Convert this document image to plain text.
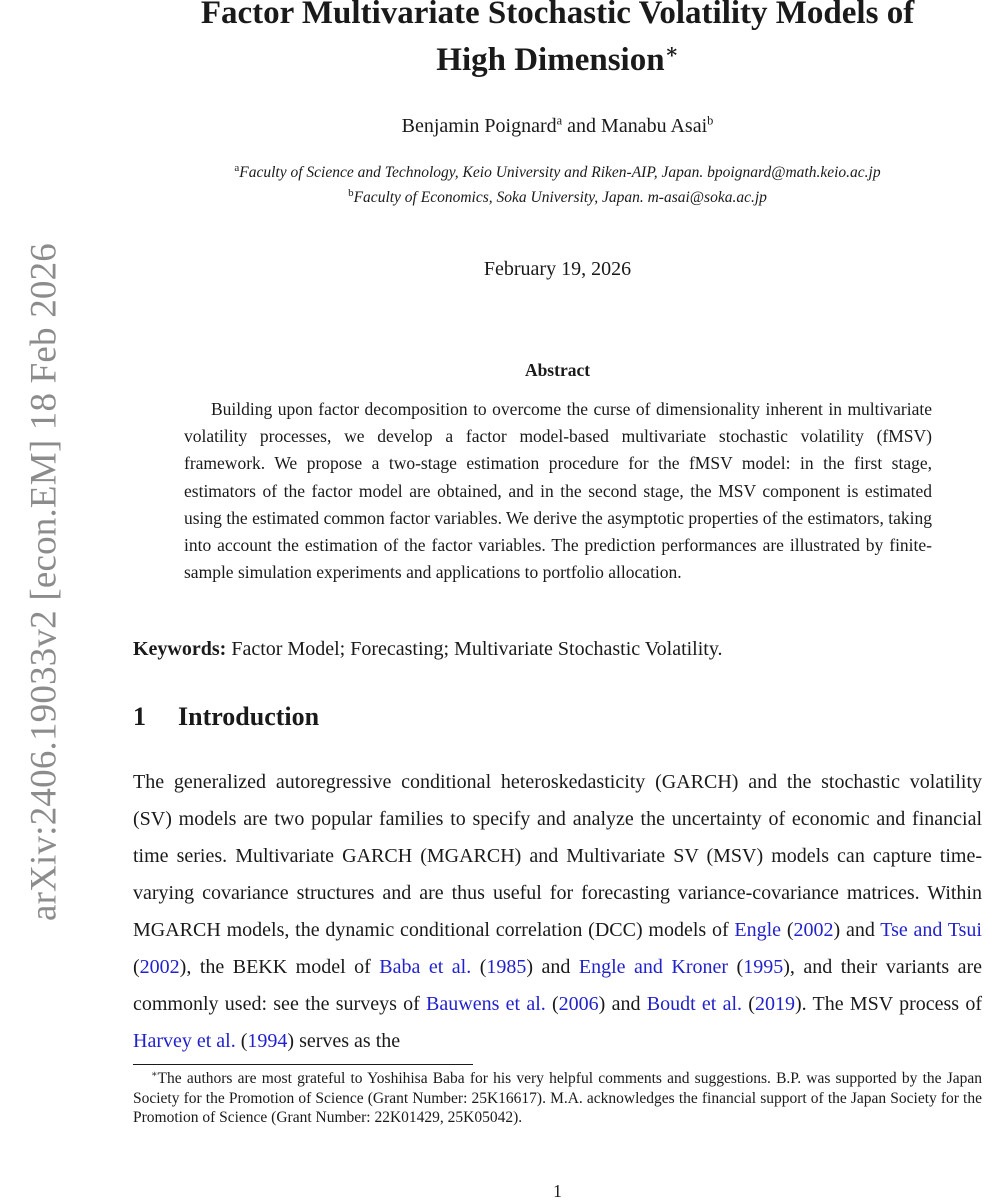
arXiv:2406.19033v2 [econ.EM] 18 Feb 2026
Factor Multivariate Stochastic Volatility Models of
High Dimension∗
Benjamin Poignard$^a$ and Manabu Asai$^b$
$^a$Faculty of Science and Technology, Keio University and Riken-AIP, Japan. bpoignard@math.keio.ac.jp
$^b$Faculty of Economics, Soka University, Japan. m-asai@soka.ac.jp
February 19, 2026
Abstract
Building upon factor decomposition to overcome the curse of dimensionality inherent in multivariate volatility processes, we develop a factor model-based multivariate stochastic volatility (fMSV) framework. We propose a two-stage estimation procedure for the fMSV model: in the first stage, estimators of the factor model are obtained, and in the second stage, the MSV component is estimated using the estimated common factor variables. We derive the asymptotic properties of the estimators, taking into account the estimation of the factor variables. The prediction performances are illustrated by finite-sample simulation experiments and applications to portfolio allocation.
Keywords: Factor Model; Forecasting; Multivariate Stochastic Volatility.
1 Introduction
The generalized autoregressive conditional heteroskedasticity (GARCH) and the stochastic volatility (SV) models are two popular families to specify and analyze the uncertainty of economic and financial time series. Multivariate GARCH (MGARCH) and Multivariate SV (MSV) models can capture time-varying covariance structures and are thus useful for forecasting variance-covariance matrices. Within MGARCH models, the dynamic conditional correlation (DCC) models of Engle (2002) and Tse and Tsui (2002), the BEKK model of Baba et al. (1985) and Engle and Kroner (1995), and their variants are commonly used: see the surveys of Bauwens et al. (2006) and Boudt et al. (2019). The MSV process of Harvey et al. (1994) serves as the
∗The authors are most grateful to Yoshihisa Baba for his very helpful comments and suggestions. B.P. was supported by the Japan Society for the Promotion of Science (Grant Number: 25K16617). M.A. acknowledges the financial support of the Japan Society for the Promotion of Science (Grant Number: 22K01429, 25K05042).
1
